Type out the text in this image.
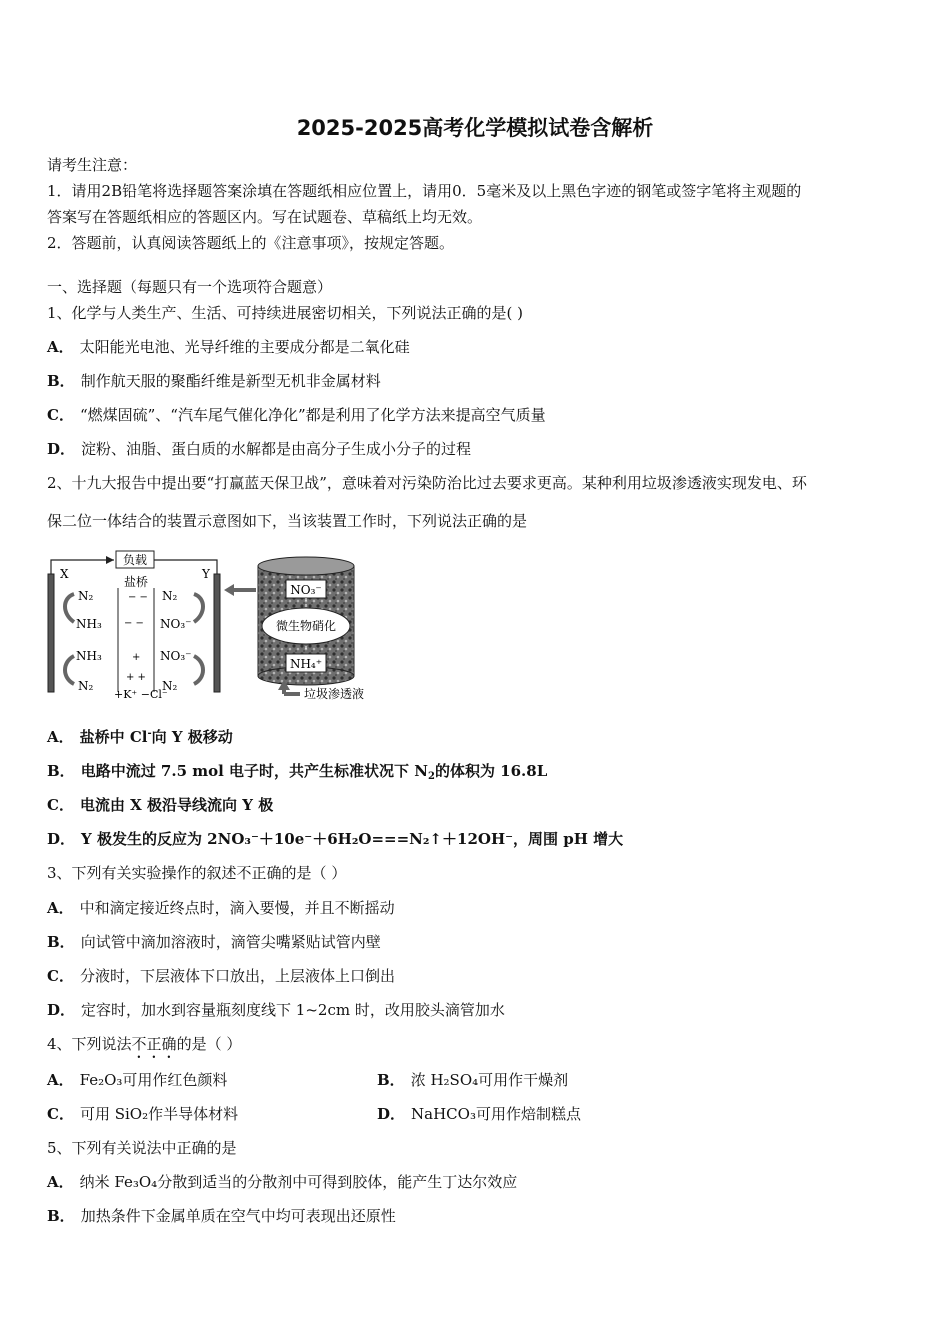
2025-2025高考化学模拟试卷含解析
请考生注意：
1．请用2B铅笔将选择题答案涂填在答题纸相应位置上，请用0．5毫米及以上黑色字迹的钢笔或签字笔将主观题的
答案写在答题纸相应的答题区内。写在试题卷、草稿纸上均无效。
2．答题前，认真阅读答题纸上的《注意事项》，按规定答题。
一、选择题（每题只有一个选项符合题意）
1、化学与人类生产、生活、可持续进展密切相关，下列说法正确的是( )
A． 太阳能光电池、光导纤维的主要成分都是二氧化硅
B． 制作航天服的聚酯纤维是新型无机非金属材料
C． “燃煤固硫”、“汽车尾气催化净化”都是利用了化学方法来提高空气质量
D． 淀粉、油脂、蛋白质的水解都是由高分子生成小分子的过程
2、十九大报告中提出要“打赢蓝天保卫战”，意味着对污染防治比过去要求更高。某种利用垃圾渗透液实现发电、环
保二位一体结合的装置示意图如下，当该装置工作时，下列说法正确的是
负载
X	Y
盐桥
− −
− −
+
+ +
+K⁺ −Cl⁻
N₂
NH₃
NH₃
N₂
N₂
NO₃⁻
NO₃⁻
N₂
NO₃⁻
微生物硝化
NH₄⁺
垃圾渗透液
A． 盐桥中 Cl-向 Y 极移动
B． 电路中流过 7.5 mol 电子时，共产生标准状况下 $N_2$的体积为 16.8L
C． 电流由 X 极沿导线流向 Y 极
D． Y 极发生的反应为 2NO₃⁻＋10e⁻＋6H₂O===N₂↑＋12OH⁻，周围 pH 增大
3、下列有关实验操作的叙述不正确的是（ ）
A． 中和滴定接近终点时，滴入要慢，并且不断摇动
B． 向试管中滴加溶液时，滴管尖嘴紧贴试管内壁
C． 分液时，下层液体下口放出，上层液体上口倒出
D． 定容时，加水到容量瓶刻度线下 1~2cm 时，改用胶头滴管加水
4、下列说法不正确的是（ ）
A． Fe₂O₃可用作红色颜料	B． 浓 H₂SO₄可用作干燥剂
C． 可用 SiO₂作半导体材料	D． NaHCO₃可用作焙制糕点
5、下列有关说法中正确的是
A． 纳米 Fe₃O₄分散到适当的分散剂中可得到胶体，能产生丁达尔效应
B． 加热条件下金属单质在空气中均可表现出还原性
